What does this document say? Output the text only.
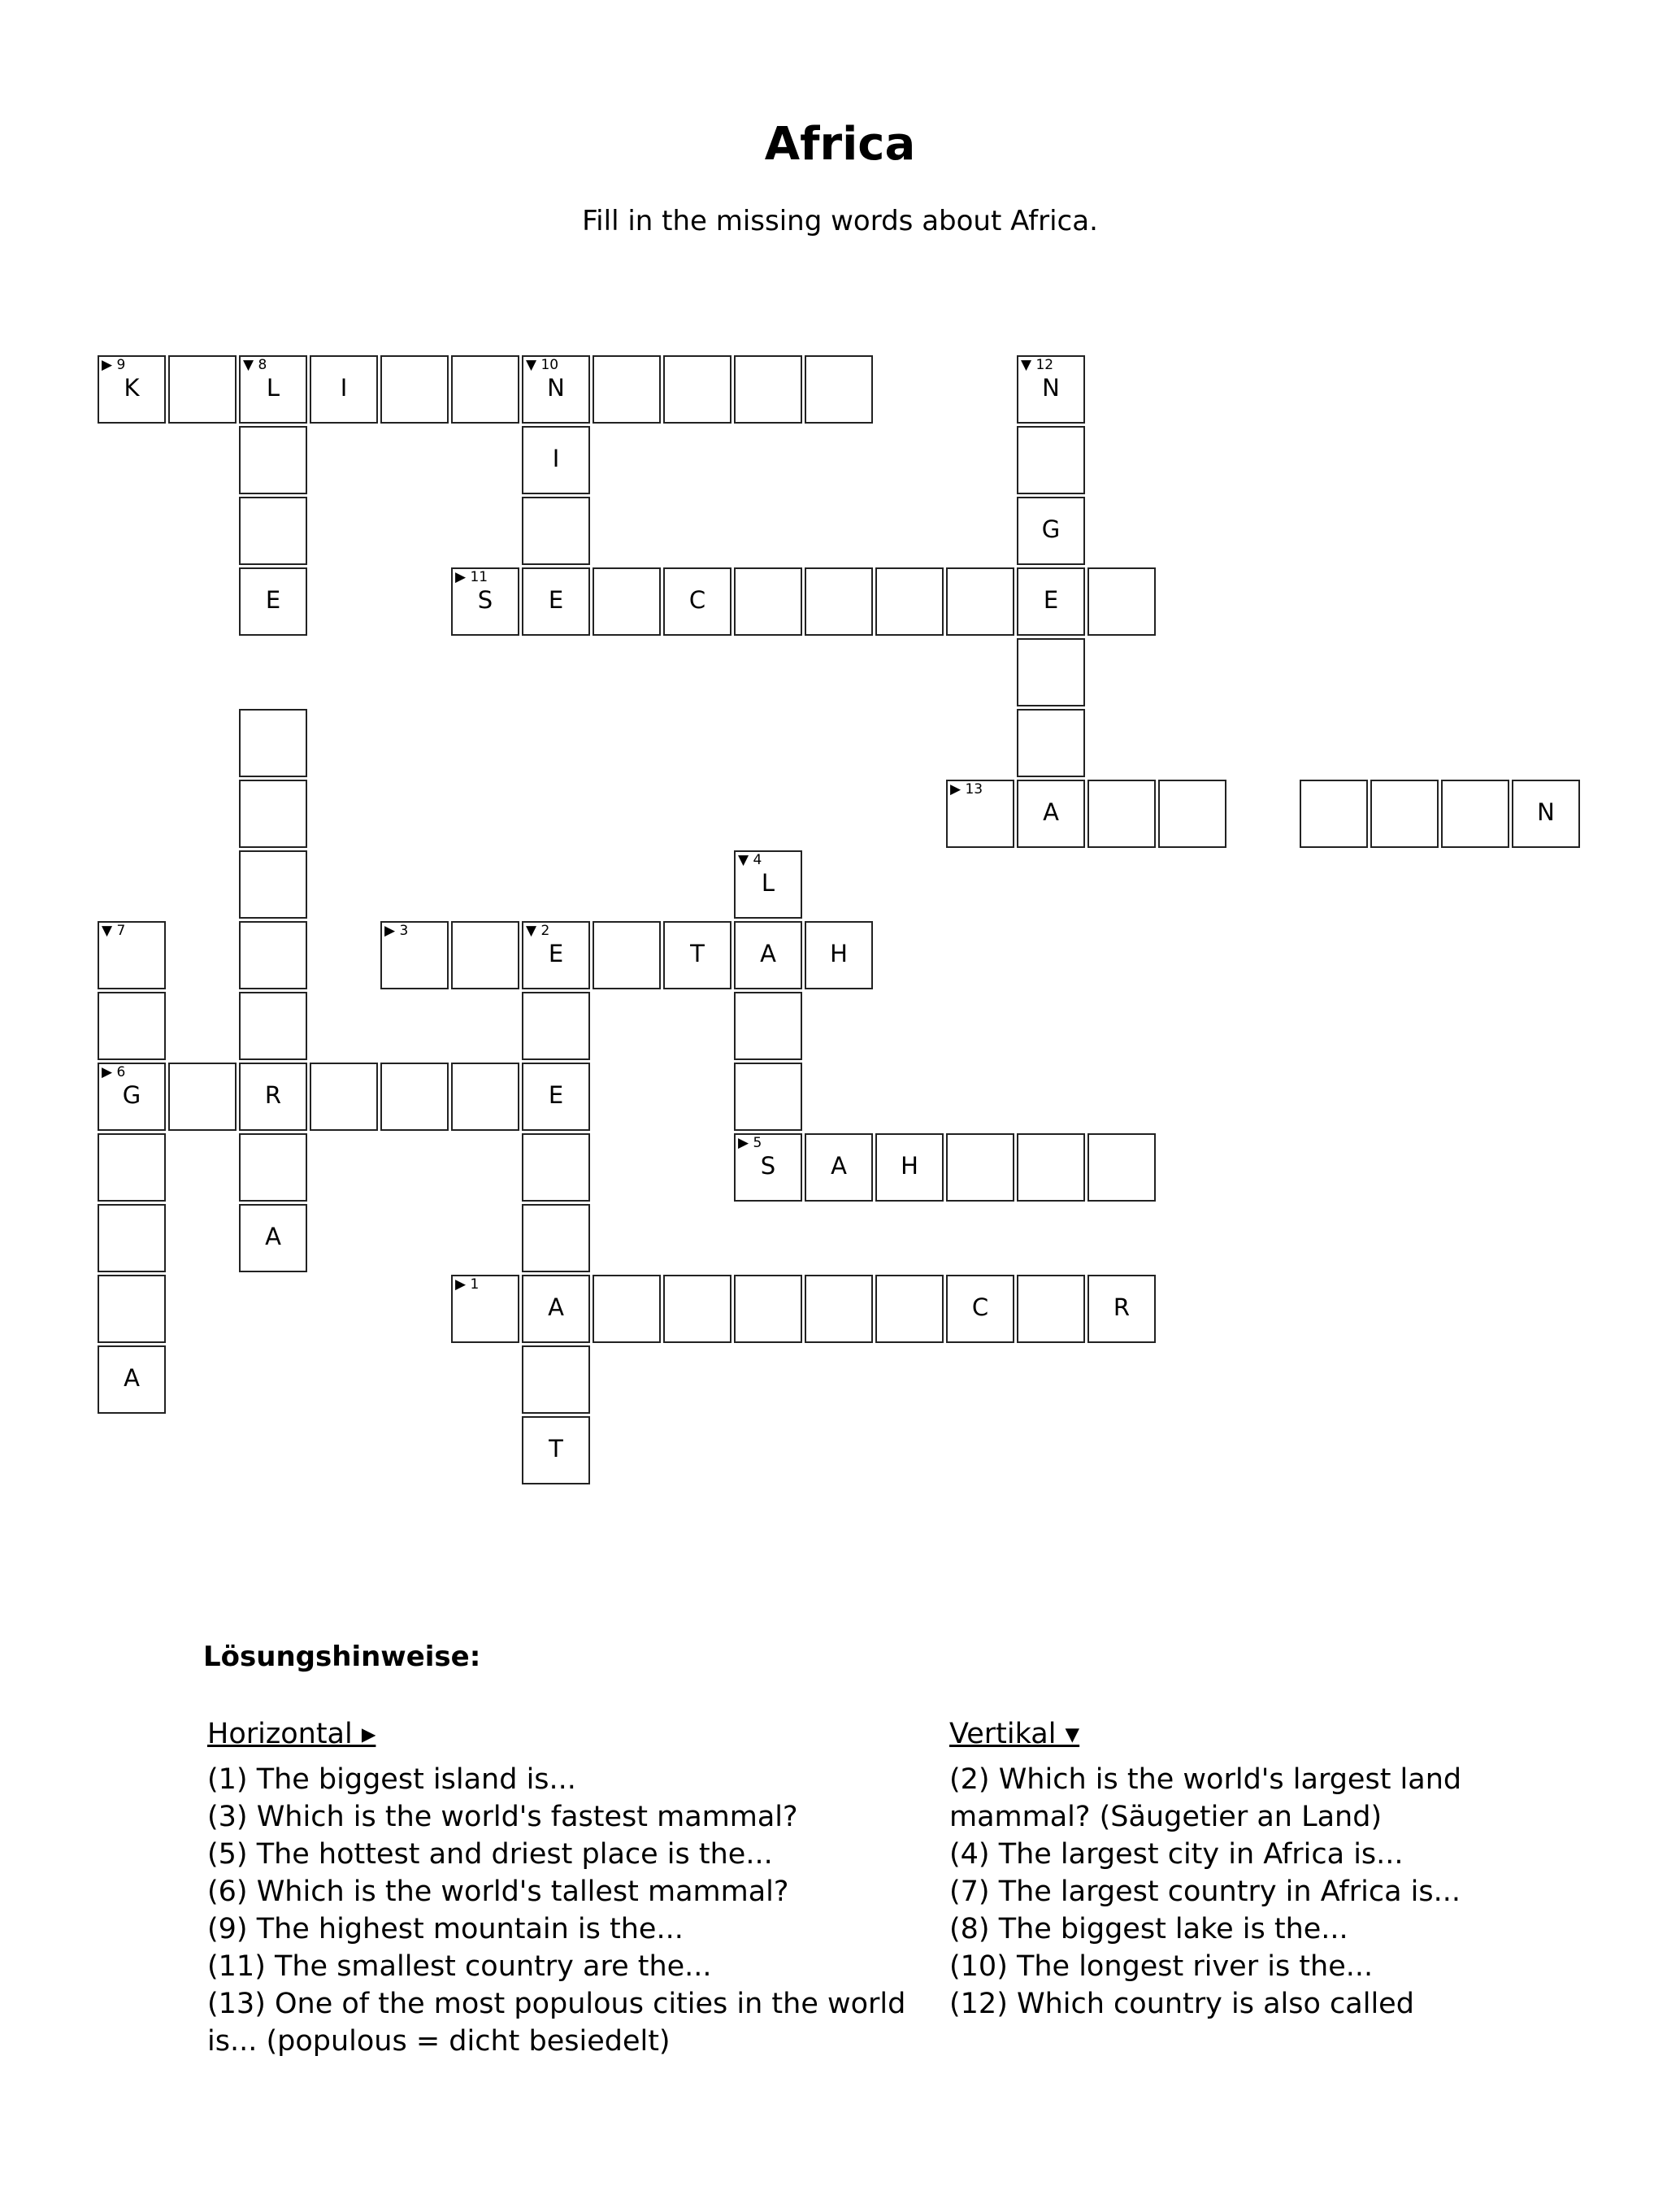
Africa

Fill in the missing words about Africa.

▶ 9
K
▼ 8
L	I
▼ 10
N
▼ 12
N
I
G
E
▶ 11
S	E	C	E
▶ 13
A	N
▼ 4
L
▼ 7	▶ 3	▼ 2
E	T	A	H
▶ 6
G	R	E
▶ 5
S	A	H
A
▶ 1
A	C	R
A
T
Lösungshinweise:
Horizontal ▸
(1) The biggest island is...
(3) Which is the world's fastest mammal?
(5) The hottest and driest place is the...
(6) Which is the world's tallest mammal?
(9) The highest mountain is the...
(11) The smallest country are the...
(13) One of the most populous cities in the world is... (populous = dicht besiedelt)
Vertikal ▾
(2) Which is the world's largest land mammal? (Säugetier an Land)
(4) The largest city in Africa is...
(7) The largest country in Africa is...
(8) The biggest lake is the...
(10) The longest river is the...
(12) Which country is also called
